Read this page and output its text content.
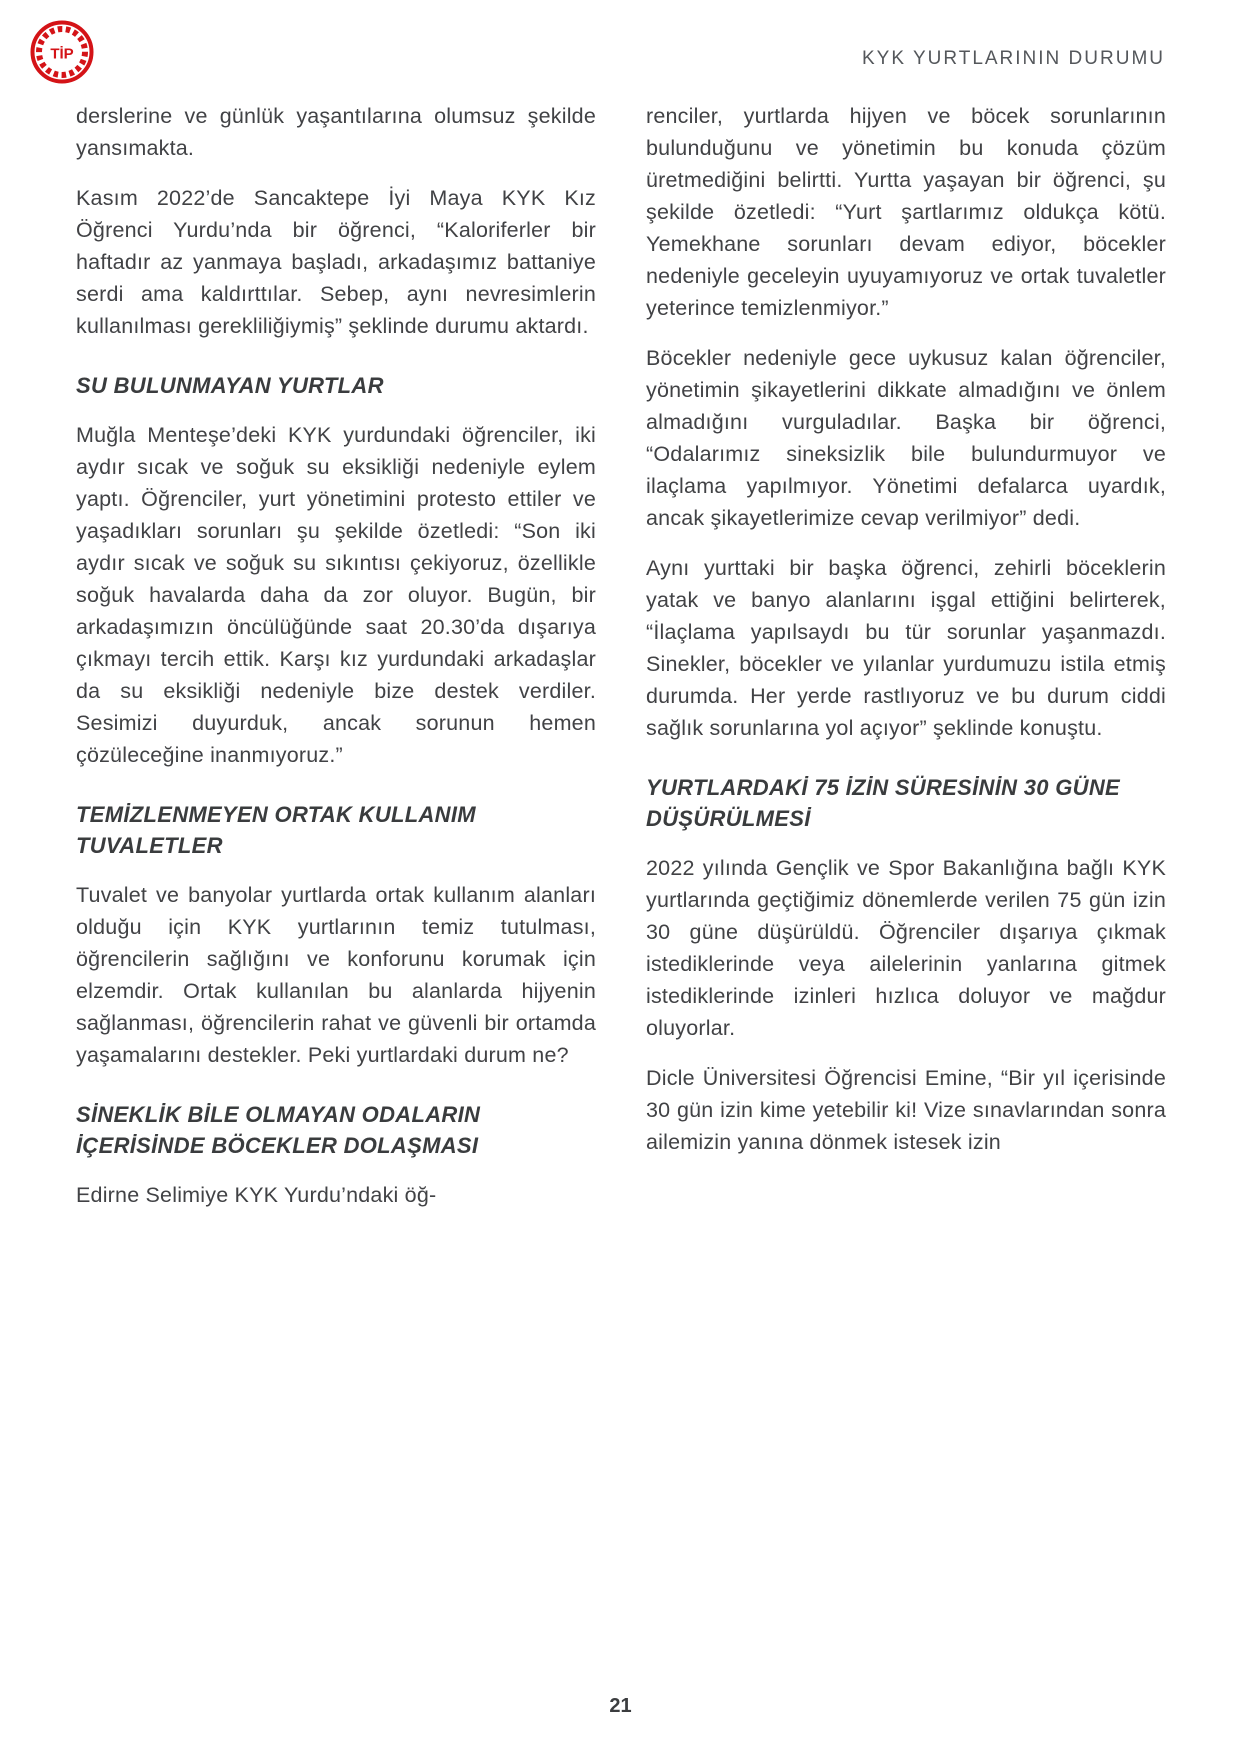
TİP	KYK YURTLARININ DURUMU

derslerine ve günlük yaşantılarına olumsuz şekilde yansımakta.

Kasım 2022’de Sancaktepe İyi Maya KYK Kız Öğrenci Yurdu’nda bir öğrenci, “Kaloriferler bir haftadır az yanmaya başladı, arkadaşımız battaniye serdi ama kaldırttılar. Sebep, aynı nevresimlerin kullanılması gerekliliğiymiş” şeklinde durumu aktardı.

SU BULUNMAYAN YURTLAR

Muğla Menteşe’deki KYK yurdundaki öğrenciler, iki aydır sıcak ve soğuk su eksikliği nedeniyle eylem yaptı. Öğrenciler, yurt yönetimini protesto ettiler ve yaşadıkları sorunları şu şekilde özetledi: “Son iki aydır sıcak ve soğuk su sıkıntısı çekiyoruz, özellikle soğuk havalarda daha da zor oluyor. Bugün, bir arkadaşımızın öncülüğünde saat 20.30’da dışarıya çıkmayı tercih ettik. Karşı kız yurdundaki arkadaşlar da su eksikliği nedeniyle bize destek verdiler. Sesimizi duyurduk, ancak sorunun hemen çözüleceğine inanmıyoruz.”

TEMİZLENMEYEN ORTAK KULLANIM TUVALETLER

Tuvalet ve banyolar yurtlarda ortak kullanım alanları olduğu için KYK yurtlarının temiz tutulması, öğrencilerin sağlığını ve konforunu korumak için elzemdir. Ortak kullanılan bu alanlarda hijyenin sağlanması, öğrencilerin rahat ve güvenli bir ortamda yaşamalarını destekler. Peki yurtlardaki durum ne?

SİNEKLİK BİLE OLMAYAN ODALARIN İÇERİSİNDE BÖCEKLER DOLAŞMASI

Edirne Selimiye KYK Yurdu’ndaki öğ-

renciler, yurtlarda hijyen ve böcek sorunlarının bulunduğunu ve yönetimin bu konuda çözüm üretmediğini belirtti. Yurtta yaşayan bir öğrenci, şu şekilde özetledi: “Yurt şartlarımız oldukça kötü. Yemekhane sorunları devam ediyor, böcekler nedeniyle geceleyin uyuyamıyoruz ve ortak tuvaletler yeterince temizlenmiyor.”

Böcekler nedeniyle gece uykusuz kalan öğrenciler, yönetimin şikayetlerini dikkate almadığını ve önlem almadığını vurguladılar. Başka bir öğrenci, “Odalarımız sineksizlik bile bulundurmuyor ve ilaçlama yapılmıyor. Yönetimi defalarca uyardık, ancak şikayetlerimize cevap verilmiyor” dedi.

Aynı yurttaki bir başka öğrenci, zehirli böceklerin yatak ve banyo alanlarını işgal ettiğini belirterek, “İlaçlama yapılsaydı bu tür sorunlar yaşanmazdı. Sinekler, böcekler ve yılanlar yurdumuzu istila etmiş durumda. Her yerde rastlıyoruz ve bu durum ciddi sağlık sorunlarına yol açıyor” şeklinde konuştu.

YURTLARDAKİ 75 İZİN SÜRESİNİN 30 GÜNE DÜŞÜRÜLMESİ

2022 yılında Gençlik ve Spor Bakanlığına bağlı KYK yurtlarında geçtiğimiz dönemlerde verilen 75 gün izin 30 güne düşürüldü. Öğrenciler dışarıya çıkmak istediklerinde veya ailelerinin yanlarına gitmek istediklerinde izinleri hızlıca doluyor ve mağdur oluyorlar.

Dicle Üniversitesi Öğrencisi Emine, “Bir yıl içerisinde 30 gün izin kime yetebilir ki! Vize sınavlarından sonra ailemizin yanına dönmek istesek izin

21
